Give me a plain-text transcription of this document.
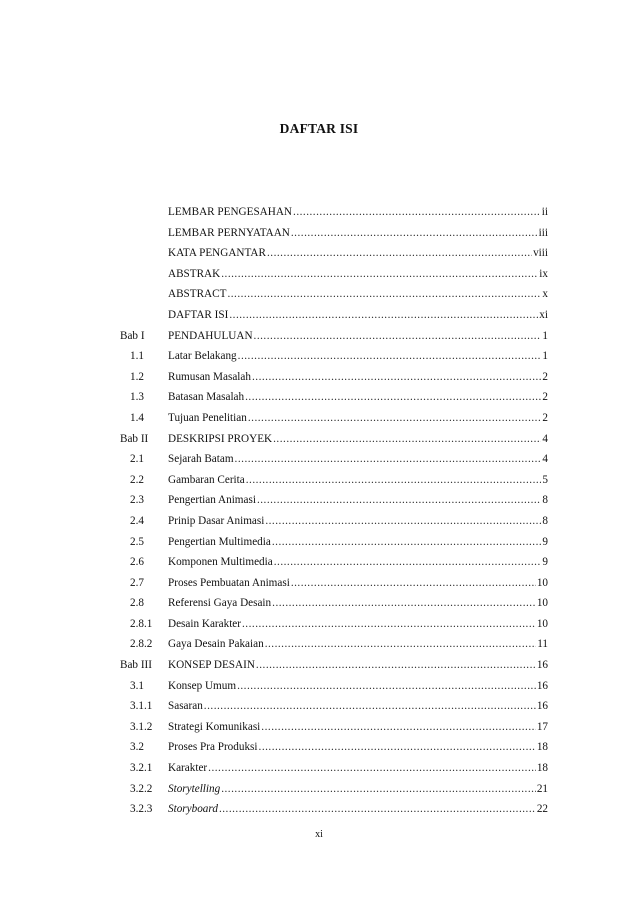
DAFTAR ISI
LEMBAR PENGESAHAN .....	ii
LEMBAR PERNYATAAN .....	iii
KATA PENGANTAR .....	viii
ABSTRAK .....	ix
ABSTRACT .....	x
DAFTAR ISI .....	xi
Bab I	PENDAHULUAN .....	1
1.1	Latar Belakang .....	1
1.2	Rumusan Masalah .....	2
1.3	Batasan Masalah .....	2
1.4	Tujuan Penelitian .....	2
Bab II	DESKRIPSI PROYEK .....	4
2.1	Sejarah Batam .....	4
2.2	Gambaran Cerita .....	5
2.3	Pengertian Animasi .....	8
2.4	Prinip Dasar Animasi .....	8
2.5	Pengertian Multimedia .....	9
2.6	Komponen Multimedia .....	9
2.7	Proses Pembuatan Animasi .....	10
2.8	Referensi Gaya Desain .....	10
2.8.1	Desain Karakter .....	10
2.8.2	Gaya Desain Pakaian .....	11
Bab III	KONSEP DESAIN .....	16
3.1	Konsep Umum .....	16
3.1.1	Sasaran .....	16
3.1.2	Strategi Komunikasi .....	17
3.2	Proses Pra Produksi .....	18
3.2.1	Karakter .....	18
3.2.2	Storytelling .....	21
3.2.3	Storyboard .....	22
xi
